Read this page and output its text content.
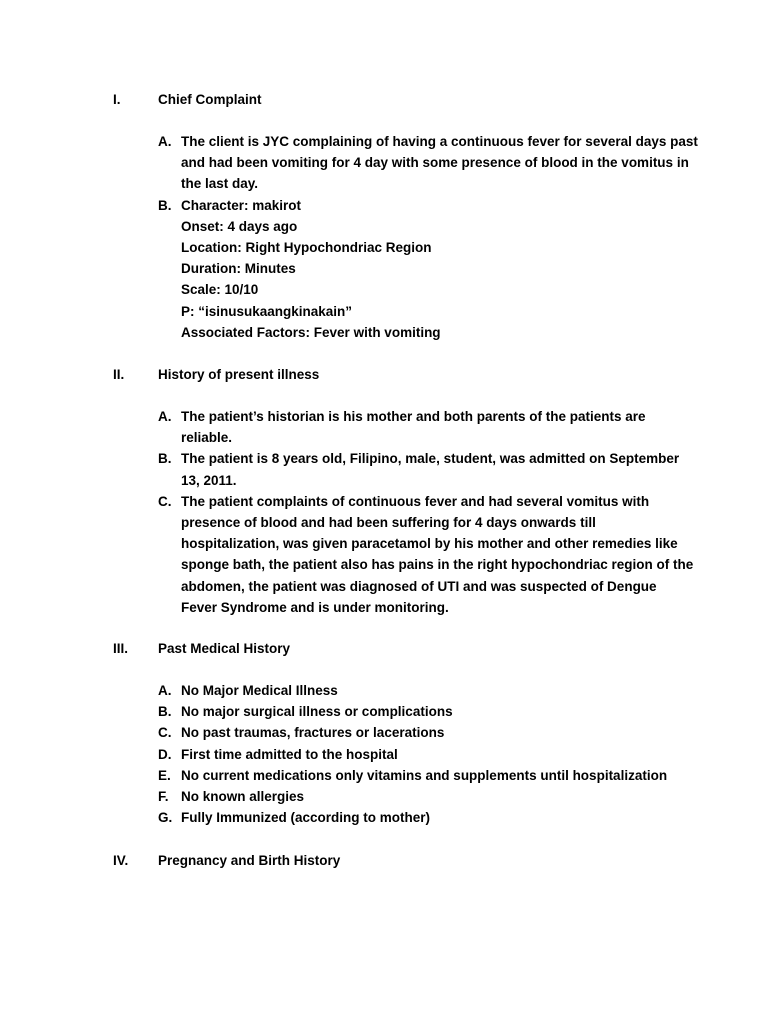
I.	Chief Complaint
A. The client is JYC complaining of having a continuous fever for several days past
and had been vomiting for 4 day with some presence of blood in the vomitus in
the last day.
B. Character: makirot
Onset: 4 days ago
Location: Right Hypochondriac Region
Duration: Minutes
Scale: 10/10
P: “isinusukaangkinakain”
Associated Factors: Fever with vomiting
II. History of present illness
A. The patient’s historian is his mother and both parents of the patients are
reliable.
B. The patient is 8 years old, Filipino, male, student, was admitted on September
13, 2011.
C. The patient complaints of continuous fever and had several vomitus with
presence of blood and had been suffering for 4 days onwards till
hospitalization, was given paracetamol by his mother and other remedies like
sponge bath, the patient also has pains in the right hypochondriac region of the
abdomen, the patient was diagnosed of UTI and was suspected of Dengue
Fever Syndrome and is under monitoring.
III. Past Medical History
A. No Major Medical Illness
B. No major surgical illness or complications
C. No past traumas, fractures or lacerations
D. First time admitted to the hospital
E. No current medications only vitamins and supplements until hospitalization
F. No known allergies
G. Fully Immunized (according to mother)
IV. Pregnancy and Birth History
